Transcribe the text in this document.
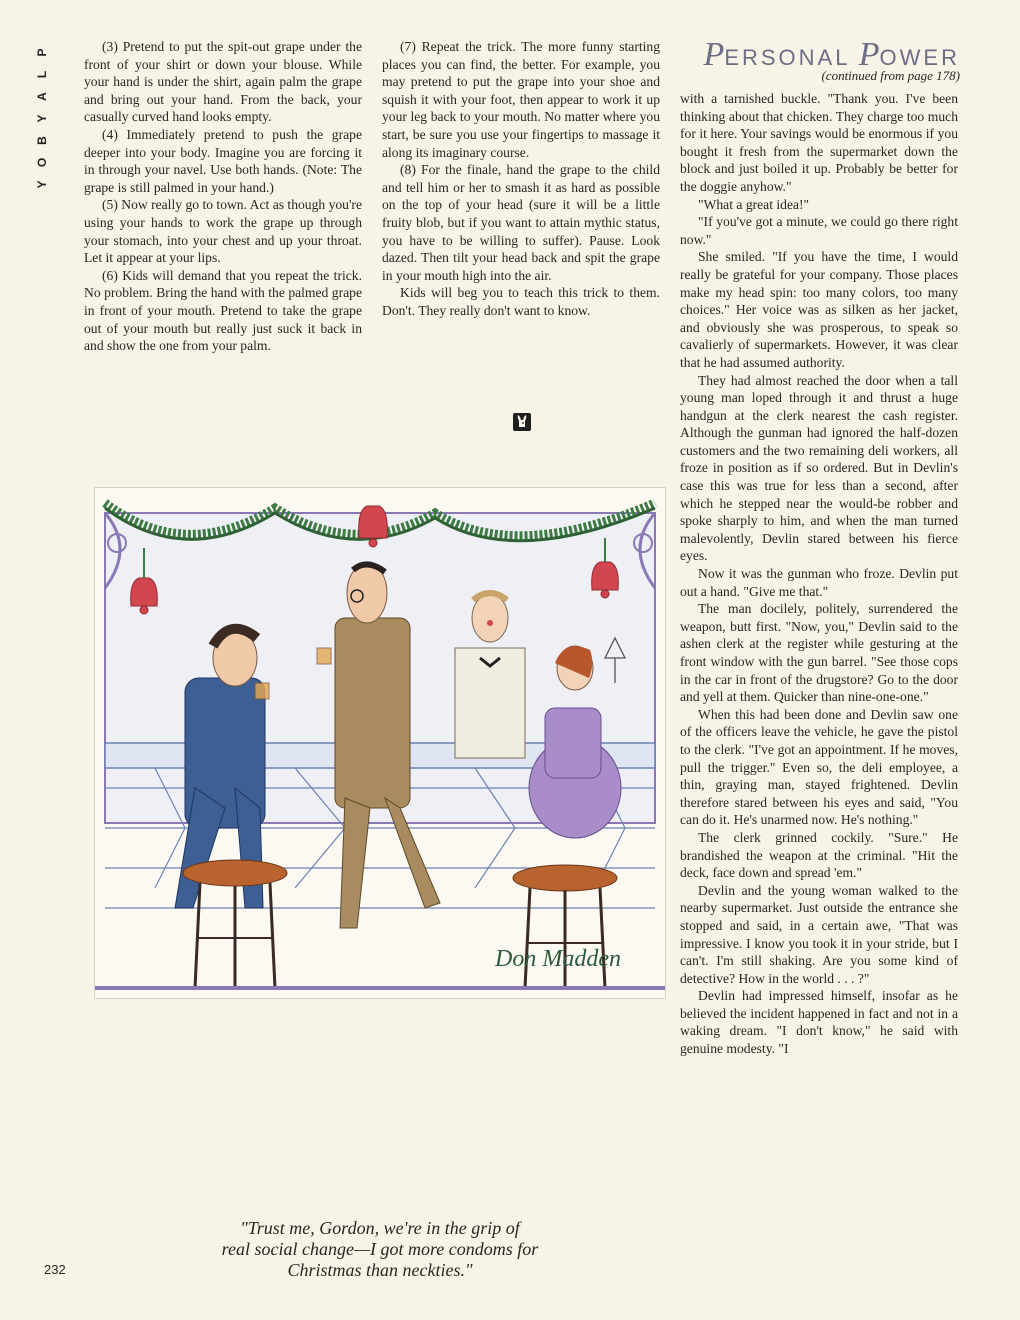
P
L
A
Y
B
O
Y

(3) Pretend to put the spit-out grape under the front of your shirt or down your blouse. While your hand is under the shirt, again palm the grape and bring out your hand. From the back, your casually curved hand looks empty.

(4) Immediately pretend to push the grape deeper into your body. Imagine you are forcing it in through your navel. Use both hands. (Note: The grape is still palmed in your hand.)

(5) Now really go to town. Act as though you're using your hands to work the grape up through your stomach, into your chest and up your throat. Let it appear at your lips.

(6) Kids will demand that you repeat the trick. No problem. Bring the hand with the palmed grape in front of your mouth. Pretend to take the grape out of your mouth but really just suck it back in and show the one from your palm.

(7) Repeat the trick. The more funny starting places you can find, the better. For example, you may pretend to put the grape into your shoe and squish it with your foot, then appear to work it up your leg back to your mouth. No matter where you start, be sure you use your fingertips to massage it along its imaginary course.

(8) For the finale, hand the grape to the child and tell him or her to smash it as hard as possible on the top of your head (sure it will be a little fruity blob, but if you want to attain mythic status, you have to be willing to suffer). Pause. Look dazed. Then tilt your head back and spit the grape in your mouth high into the air.

Kids will beg you to teach this trick to them. Don't. They really don't want to know.

PERSONAL POWER
(continued from page 178)

with a tarnished buckle. "Thank you. I've been thinking about that chicken. They charge too much for it here. Your savings would be enormous if you bought it fresh from the supermarket down the block and just boiled it up. Probably be better for the doggie anyhow."

"What a great idea!"

"If you've got a minute, we could go there right now."

She smiled. "If you have the time, I would really be grateful for your company. Those places make my head spin: too many colors, too many choices." Her voice was as silken as her jacket, and obviously she was prosperous, to speak so cavalierly of supermarkets. However, it was clear that he had assumed authority.

They had almost reached the door when a tall young man loped through it and thrust a huge handgun at the clerk nearest the cash register. Although the gunman had ignored the half-dozen customers and the two remaining deli workers, all froze in position as if so ordered. But in Devlin's case this was true for less than a second, after which he stepped near the would-be robber and spoke sharply to him, and when the man turned malevolently, Devlin stared between his fierce eyes.

Now it was the gunman who froze. Devlin put out a hand. "Give me that."

The man docilely, politely, surrendered the weapon, butt first. "Now, you," Devlin said to the ashen clerk at the register while gesturing at the front window with the gun barrel. "See those cops in the car in front of the drugstore? Go to the door and yell at them. Quicker than nine-one-one."

When this had been done and Devlin saw one of the officers leave the vehicle, he gave the pistol to the clerk. "I've got an appointment. If he moves, pull the trigger." Even so, the deli employee, a thin, graying man, stayed frightened. Devlin therefore stared between his eyes and said, "You can do it. He's unarmed now. He's nothing."

The clerk grinned cockily. "Sure." He brandished the weapon at the criminal. "Hit the deck, face down and spread 'em."

Devlin and the young woman walked to the nearby supermarket. Just outside the entrance she stopped and said, in a certain awe, "That was impressive. I know you took it in your stride, but I can't. I'm still shaking. Are you some kind of detective? How in the world . . . ?"

Devlin had impressed himself, insofar as he believed the incident happened in fact and not in a waking dream. "I don't know," he said with genuine modesty. "I

Don Madden
"Trust me, Gordon, we're in the grip of
real social change—I got more condoms for
Christmas than neckties."
232
